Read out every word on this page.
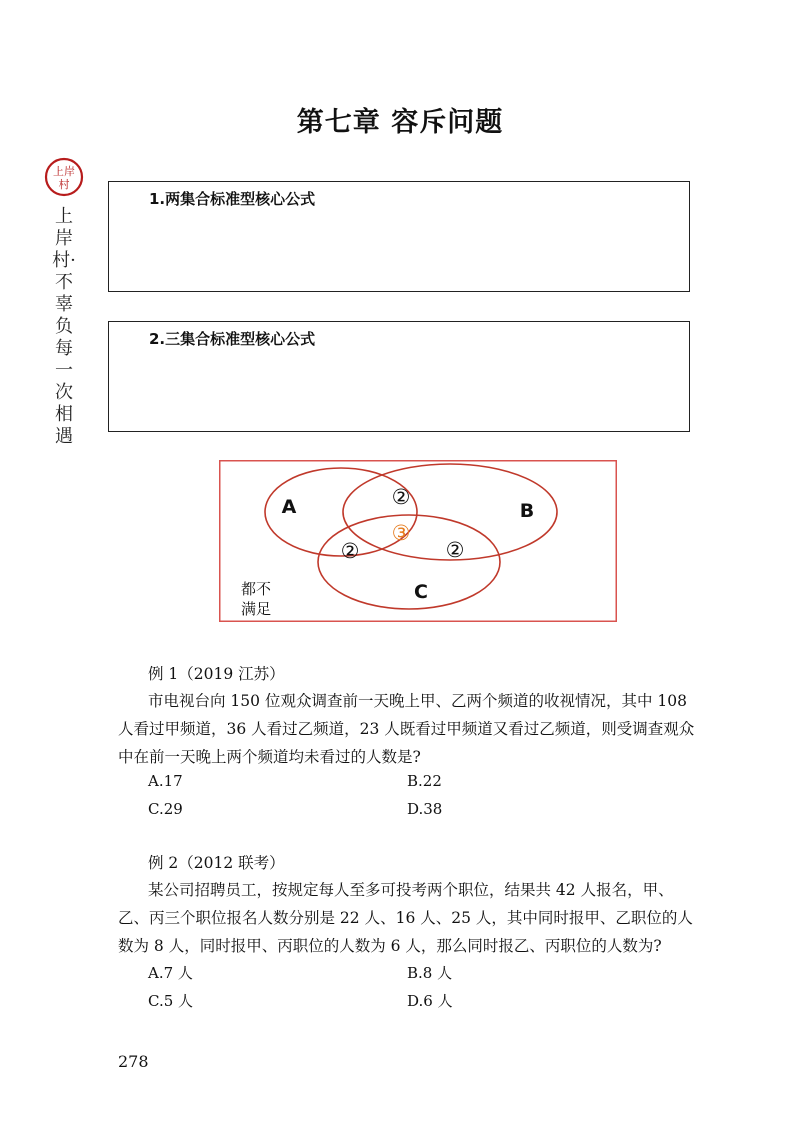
第七章 容斥问题
上岸
村
上岸村·不辜负每一次相遇
1.两集合标准型核心公式
2.三集合标准型核心公式
A	B
C
②
②	②
③
都不
满足
例 1（2019 江苏）
市电视台向 150 位观众调查前一天晚上甲、乙两个频道的收视情况，其中 108 人看过甲频道，36 人看过乙频道，23 人既看过甲频道又看过乙频道，则受调查观众中在前一天晚上两个频道均未看过的人数是?
A.17	B.22
C.29	D.38
例 2（2012 联考）
某公司招聘员工，按规定每人至多可投考两个职位，结果共 42 人报名，甲、乙、丙三个职位报名人数分别是 22 人、16 人、25 人，其中同时报甲、乙职位的人数为 8 人，同时报甲、丙职位的人数为 6 人，那么同时报乙、丙职位的人数为?
A.7 人	B.8 人
C.5 人	D.6 人
278
